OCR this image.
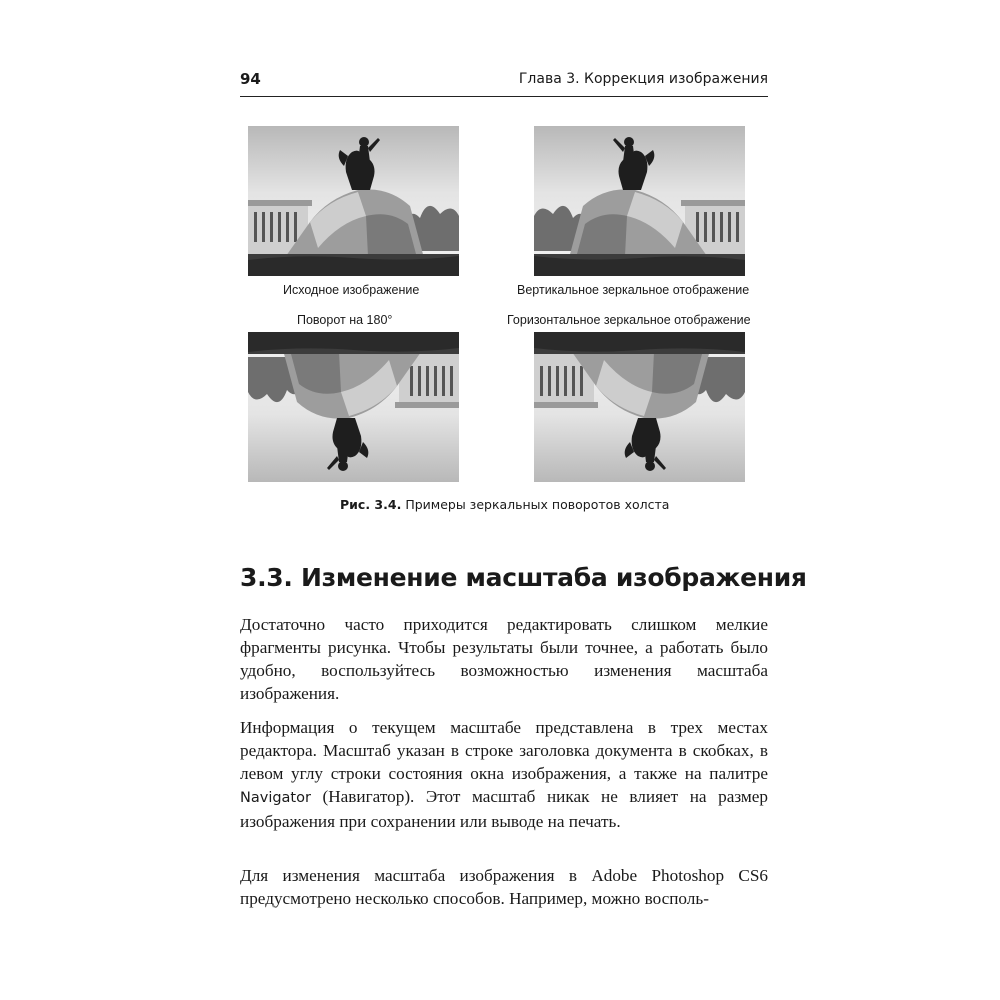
94	Глава 3. Коррекция изображения
Исходное изображение	Вертикальное зеркальное отображение
Поворот на 180°	Горизонтальное зеркальное отображение
Рис. 3.4. Примеры зеркальных поворотов холста
3.3. Изменение масштаба изображения

Достаточно часто приходится редактировать слишком мелкие фрагменты рисунка. Чтобы результаты были точнее, а работать было удобно, воспользуйтесь возможностью изменения масштаба изображения.

Информация о текущем масштабе представлена в трех местах редактора. Масштаб указан в строке заголовка документа в скобках, в левом углу строки состояния окна изображения, а также на палитре Navigator (Навигатор). Этот масштаб никак не влияет на размер изображения при сохранении или выводе на печать.

Для изменения масштаба изображения в Adobe Photoshop CS6 предусмотрено несколько способов. Например, можно восполь-
